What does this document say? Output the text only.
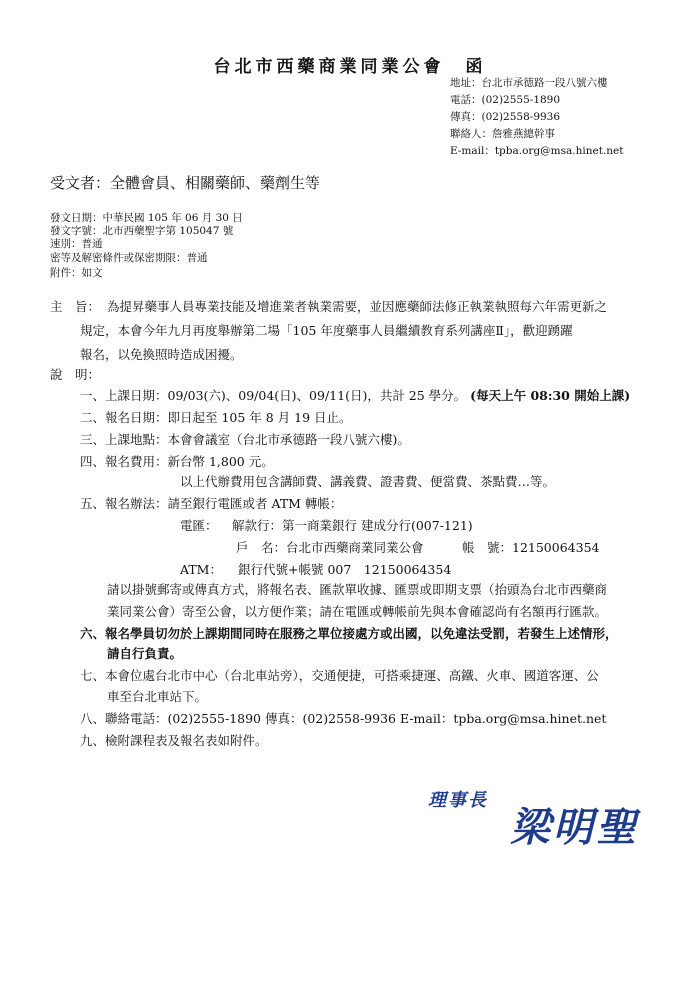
台北市西藥商業同業公會　函
地址：台北市承德路一段八號六樓
電話：(02)2555-1890
傳真：(02)2558-9936
聯絡人：詹雅燕總幹事
E-mail：tpba.org@msa.hinet.net
受文者：全體會員、相關藥師、藥劑生等
發文日期：中華民國 105 年 06 月 30 日
發文字號：北市西藥聖字第 105047 號
速別：普通
密等及解密條件或保密期限：普通
附件：如文
主　旨： 為提昇藥事人員專業技能及增進業者執業需要，並因應藥師法修正執業執照每六年需更新之
規定，本會今年九月再度舉辦第二場「105 年度藥事人員繼續教育系列講座Ⅱ」，歡迎踴躍
報名，以免換照時造成困擾。
說　明：
一、上課日期：09/03(六)、09/04(日)、09/11(日)，共計 25 學分。 (每天上午 08:30 開始上課)
二、報名日期：即日起至 105 年 8 月 19 日止。
三、上課地點：本會會議室（台北市承德路一段八號六樓)。
四、報名費用：新台幣 1,800 元。
以上代辦費用包含講師費、講義費、證書費、便當費、茶點費…等。
五、報名辦法：請至銀行電匯或者 ATM 轉帳：
電匯： 解款行：第一商業銀行 建成分行(007-121)
戶　名：台北市西藥商業同業公會	帳　號：12150064354
ATM： 銀行代號+帳號 007　12150064354
請以掛號郵寄或傳真方式，將報名表、匯款單收據、匯票或即期支票（抬頭為台北市西藥商
業同業公會）寄至公會，以方便作業；請在電匯或轉帳前先與本會確認尚有名額再行匯款。
六、報名學員切勿於上課期間同時在服務之單位接處方或出國，以免違法受罰，若發生上述情形，
請自行負責。
七、本會位處台北市中心（台北車站旁），交通便捷，可搭乘捷運、高鐵、火車、國道客運、公
車至台北車站下。
八、聯絡電話：(02)2555-1890 傳真：(02)2558-9936 E-mail：tpba.org@msa.hinet.net
九、檢附課程表及報名表如附件。
理事長
梁明聖
